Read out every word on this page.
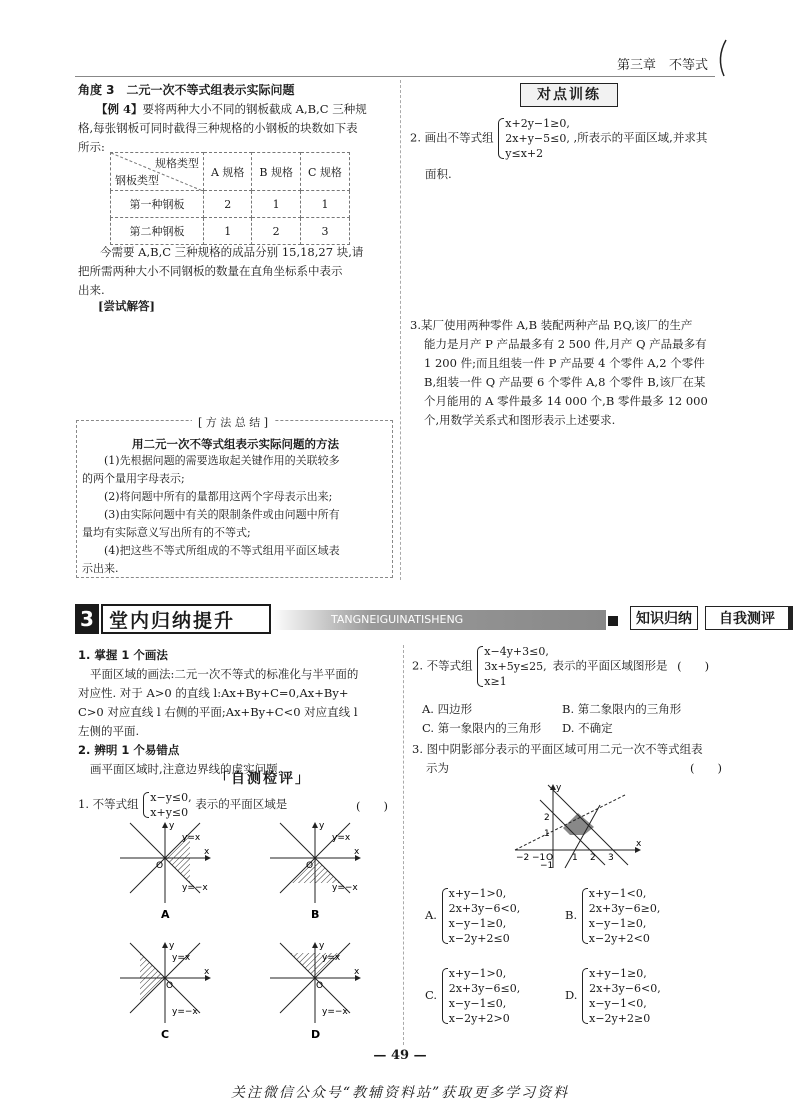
第三章　不等式
角度 3　二元一次不等式组表示实际问题
【例 4】要将两种大小不同的钢板截成 A,B,C 三种规
格,每张钢板可同时截得三种规格的小钢板的块数如下表
所示:
规格类型
钢板类型	A 规格	B 规格	C 规格
第一种钢板	2	1	1
第二种钢板	1	2	3
今需要 A,B,C 三种规格的成品分别 15,18,27 块,请
把所需两种大小不同钢板的数量在直角坐标系中表示
出来.
[尝试解答]
[ 方 法 总 结 ]
用二元一次不等式组表示实际问题的方法
(1)先根据问题的需要选取起关键作用的关联较多
的两个量用字母表示;
(2)将问题中所有的量都用这两个字母表示出来;
(3)由实际问题中有关的限制条件或由问题中所有
量均有实际意义写出所有的不等式;
(4)把这些不等式所组成的不等式组用平面区域表
示出来.
对点训练
2. 画出不等式组
x+2y−1≥0,
2x+y−5≤0,
y≤x+2
,所表示的平面区域,并求其
面积.
3.某厂使用两种零件 A,B 装配两种产品 P,Q,该厂的生产
能力是月产 P 产品最多有 2 500 件,月产 Q 产品最多有
1 200 件;而且组装一件 P 产品要 4 个零件 A,2 个零件
B,组装一件 Q 产品要 6 个零件 A,8 个零件 B,该厂在某
个月能用的 A 零件最多 14 000 个,B 零件最多 12 000
个,用数学关系式和图形表示上述要求.
3 堂内归纳提升	TANGNEIGUINATISHENG	知识归纳	自我测评
1. 掌握 1 个画法
平面区域的画法:二元一次不等式的标准化与半平面的
对应性. 对于 A>0 的直线 l:Ax+By+C=0,Ax+By+
C>0 对应直线 l 右侧的平面;Ax+By+C<0 对应直线 l
左侧的平面.
2. 辨明 1 个易错点
画平面区域时,注意边界线的虚实问题.
「自测检评」
1. 不等式组 x−y≤0,
x+y≤0
表示的平面区域是	(　　)
y=x
y=−x
O
x
y
y=x
y=−x
O
x
y
y=x
y=−x
O
x
y
y=x
y=−x
O
x
y
A	B
C	D
2. 不等式组
x−4y+3≤0,
3x+5y≤25,
x≥1
表示的平面区域图形是 (　　)
A. 四边形	B. 第二象限内的三角形
C. 第一象限内的三角形 D. 不确定
3. 图中阴影部分表示的平面区域可用二元一次不等式组表
示为	(　　)
y
x
−2 −1 O 1 2 3
2
1
−1
A.
x+y−1>0,
2x+3y−6<0,
x−y−1≥0,
x−2y+2≤0
B.
x+y−1<0,
2x+3y−6≥0,
x−y−1≥0,
x−2y+2<0
C.
x+y−1>0,
2x+3y−6≤0,
x−y−1≤0,
x−2y+2>0
D.
x+y−1≥0,
2x+3y−6<0,
x−y−1<0,
x−2y+2≥0
— 49 —
关注微信公众号“教辅资料站”获取更多学习资料
